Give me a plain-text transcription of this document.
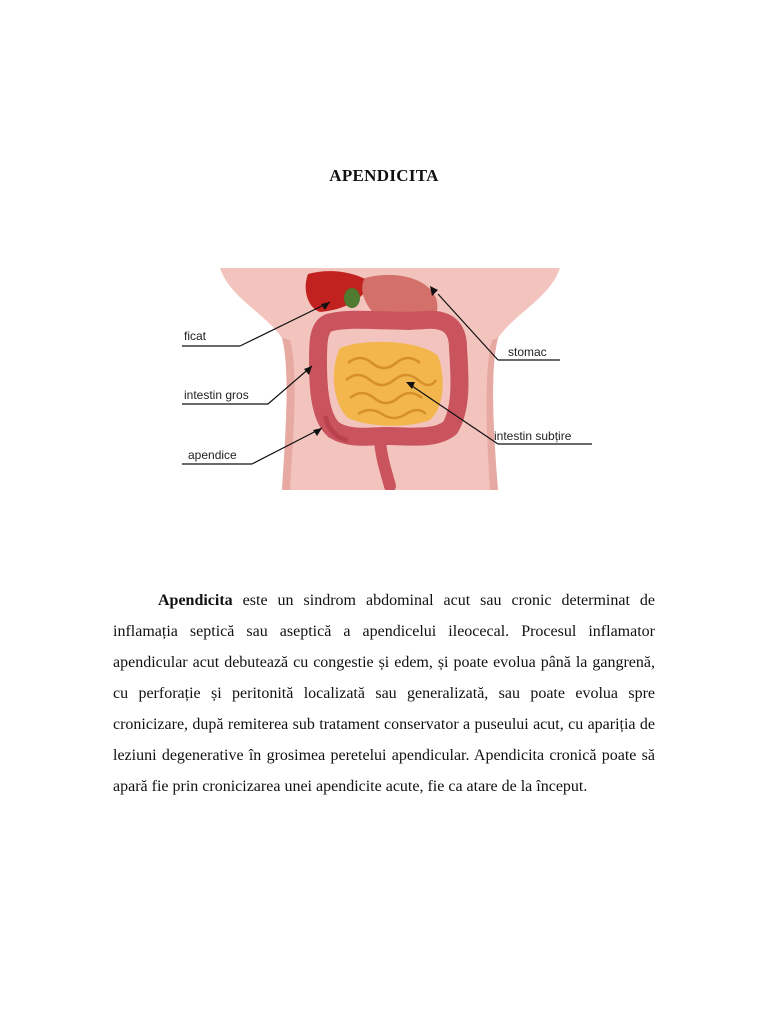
APENDICITA
ficat
intestin gros
apendice
stomac
intestin subțire

Apendicita este un sindrom abdominal acut sau cronic determinat de inflamația septică sau aseptică a apendicelui ileocecal. Procesul inflamator apendicular acut debutează cu congestie și edem, și poate evolua până la gangrenă, cu perforație și peritonită localizată sau generalizată, sau poate evolua spre cronicizare, după remiterea sub tratament conservator a puseului acut, cu apariția de leziuni degenerative în grosimea peretelui apendicular. Apendicita cronică poate să apară fie prin cronicizarea unei apendicite acute, fie ca atare de la început.
